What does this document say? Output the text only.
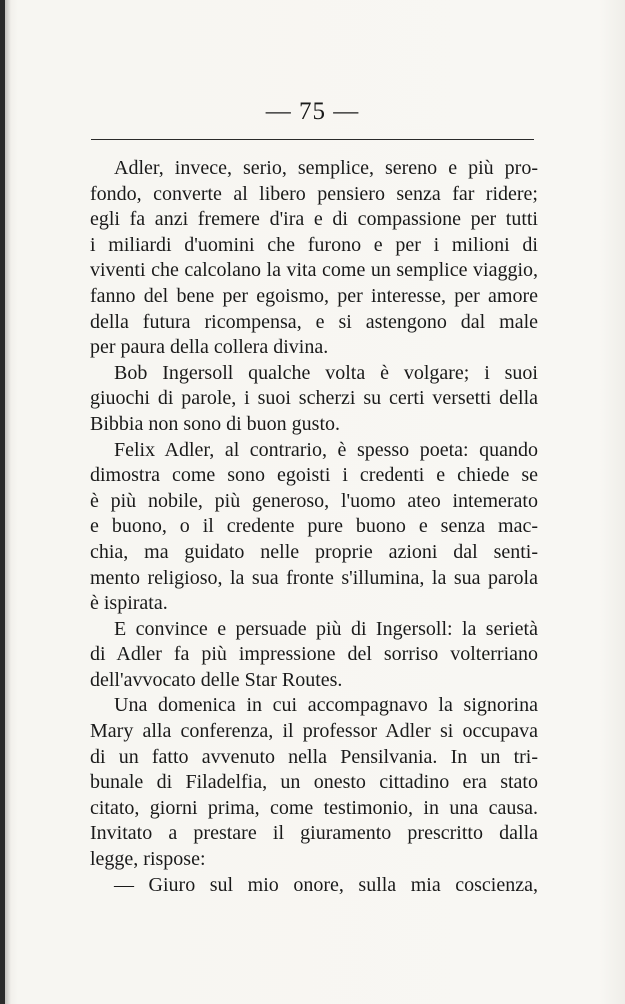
— 75 —
Adler, invece, serio, semplice, sereno e più pro-
fondo, converte al libero pensiero senza far ridere;
egli fa anzi fremere d'ira e di compassione per tutti
i miliardi d'uomini che furono e per i milioni di
viventi che calcolano la vita come un semplice viaggio,
fanno del bene per egoismo, per interesse, per amore
della futura ricompensa, e si astengono dal male
per paura della collera divina.
Bob Ingersoll qualche volta è volgare; i suoi
giuochi di parole, i suoi scherzi su certi versetti della
Bibbia non sono di buon gusto.
Felix Adler, al contrario, è spesso poeta: quando
dimostra come sono egoisti i credenti e chiede se
è più nobile, più generoso, l'uomo ateo intemerato
e buono, o il credente pure buono e senza mac-
chia, ma guidato nelle proprie azioni dal senti-
mento religioso, la sua fronte s'illumina, la sua parola
è ispirata.
E convince e persuade più di Ingersoll: la serietà
di Adler fa più impressione del sorriso volterriano
dell'avvocato delle Star Routes.
Una domenica in cui accompagnavo la signorina
Mary alla conferenza, il professor Adler si occupava
di un fatto avvenuto nella Pensilvania. In un tri-
bunale di Filadelfia, un onesto cittadino era stato
citato, giorni prima, come testimonio, in una causa.
Invitato a prestare il giuramento prescritto dalla
legge, rispose:
— Giuro sul mio onore, sulla mia coscienza,
